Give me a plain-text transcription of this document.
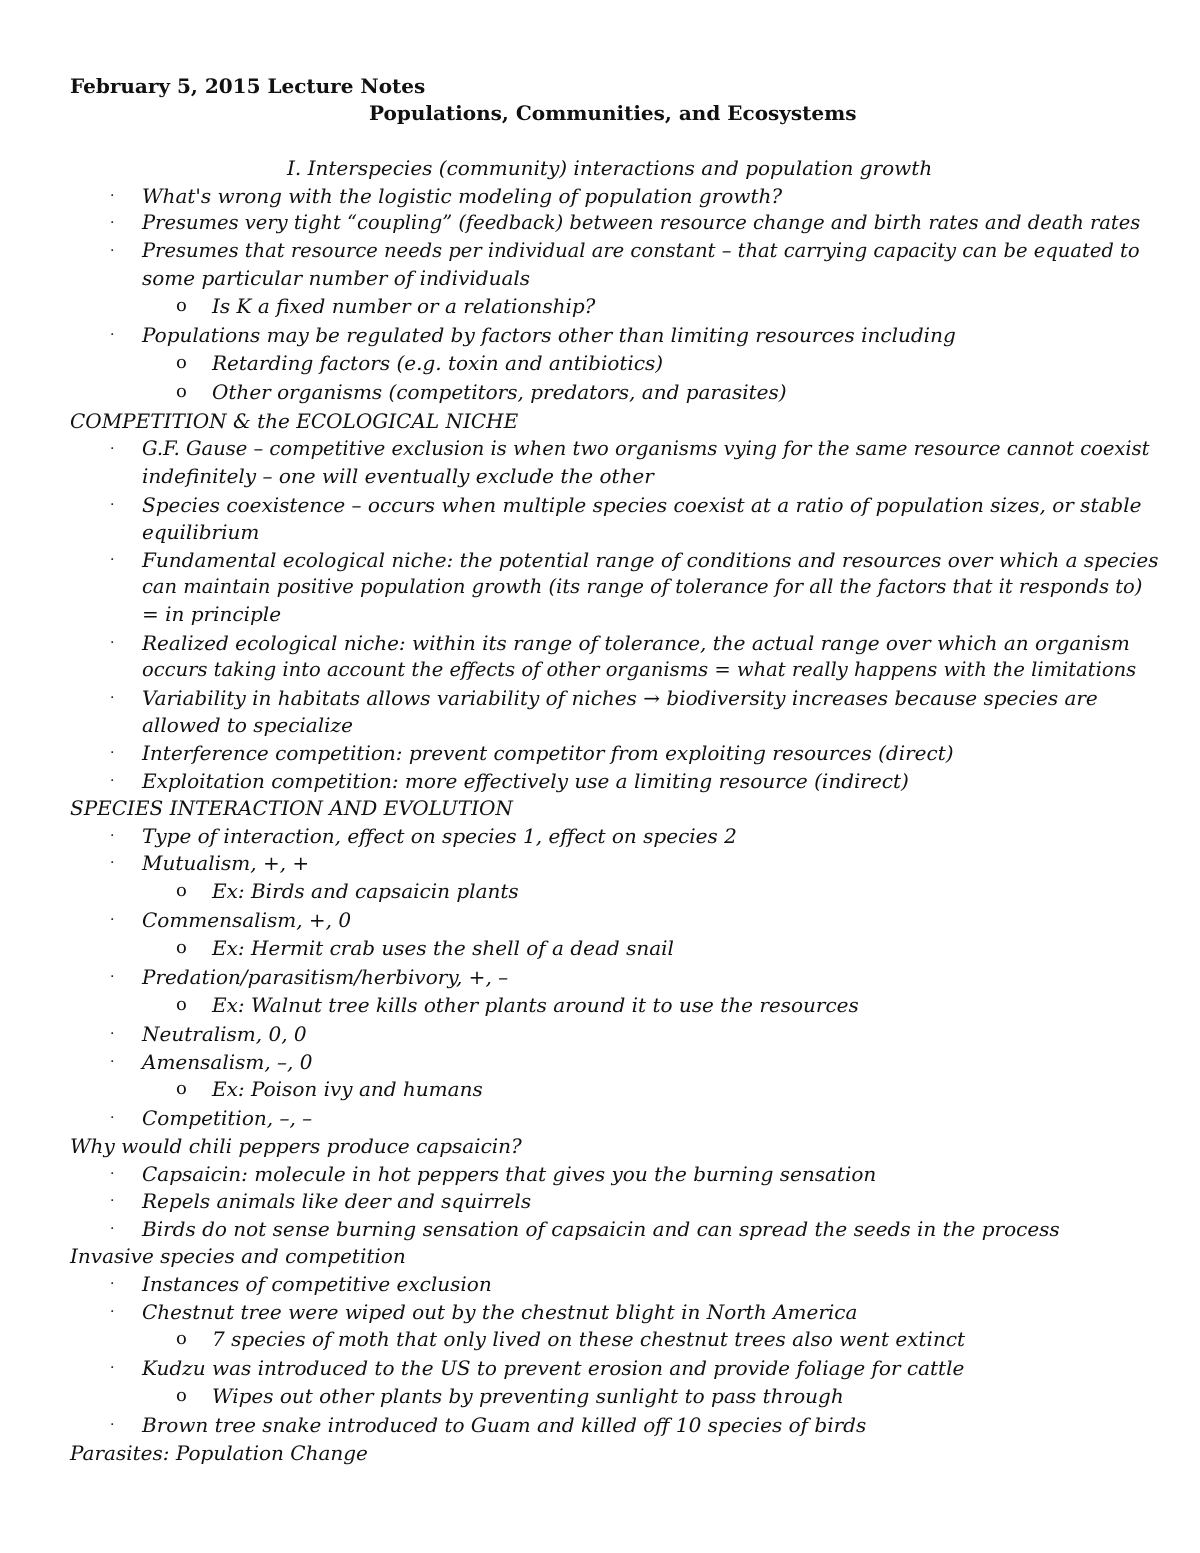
February 5, 2015 Lecture Notes
Populations, Communities, and Ecosystems
I. Interspecies (community) interactions and population growth
· What's wrong with the logistic modeling of population growth?
· Presumes very tight “coupling” (feedback) between resource change and birth rates and death rates
· Presumes that resource needs per individual are constant – that carrying capacity can be equated to
some particular number of individuals
o Is K a fixed number or a relationship?
· Populations may be regulated by factors other than limiting resources including
o Retarding factors (e.g. toxin and antibiotics)
o Other organisms (competitors, predators, and parasites)
COMPETITION & the ECOLOGICAL NICHE
· G.F. Gause – competitive exclusion is when two organisms vying for the same resource cannot coexist
indefinitely – one will eventually exclude the other
· Species coexistence – occurs when multiple species coexist at a ratio of population sizes, or stable
equilibrium
· Fundamental ecological niche: the potential range of conditions and resources over which a species
can maintain positive population growth (its range of tolerance for all the factors that it responds to)
= in principle
· Realized ecological niche: within its range of tolerance, the actual range over which an organism
occurs taking into account the effects of other organisms = what really happens with the limitations
· Variability in habitats allows variability of niches → biodiversity increases because species are
allowed to specialize
· Interference competition: prevent competitor from exploiting resources (direct)
· Exploitation competition: more effectively use a limiting resource (indirect)
SPECIES INTERACTION AND EVOLUTION
· Type of interaction, effect on species 1, effect on species 2
· Mutualism, +, +
o Ex: Birds and capsaicin plants
· Commensalism, +, 0
o Ex: Hermit crab uses the shell of a dead snail
· Predation/parasitism/herbivory, +, –
o Ex: Walnut tree kills other plants around it to use the resources
· Neutralism, 0, 0
· Amensalism, –, 0
o Ex: Poison ivy and humans
· Competition, –, –
Why would chili peppers produce capsaicin?
· Capsaicin: molecule in hot peppers that gives you the burning sensation
· Repels animals like deer and squirrels
· Birds do not sense burning sensation of capsaicin and can spread the seeds in the process
Invasive species and competition
· Instances of competitive exclusion
· Chestnut tree were wiped out by the chestnut blight in North America
o 7 species of moth that only lived on these chestnut trees also went extinct
· Kudzu was introduced to the US to prevent erosion and provide foliage for cattle
o Wipes out other plants by preventing sunlight to pass through
· Brown tree snake introduced to Guam and killed off 10 species of birds
Parasites: Population Change
